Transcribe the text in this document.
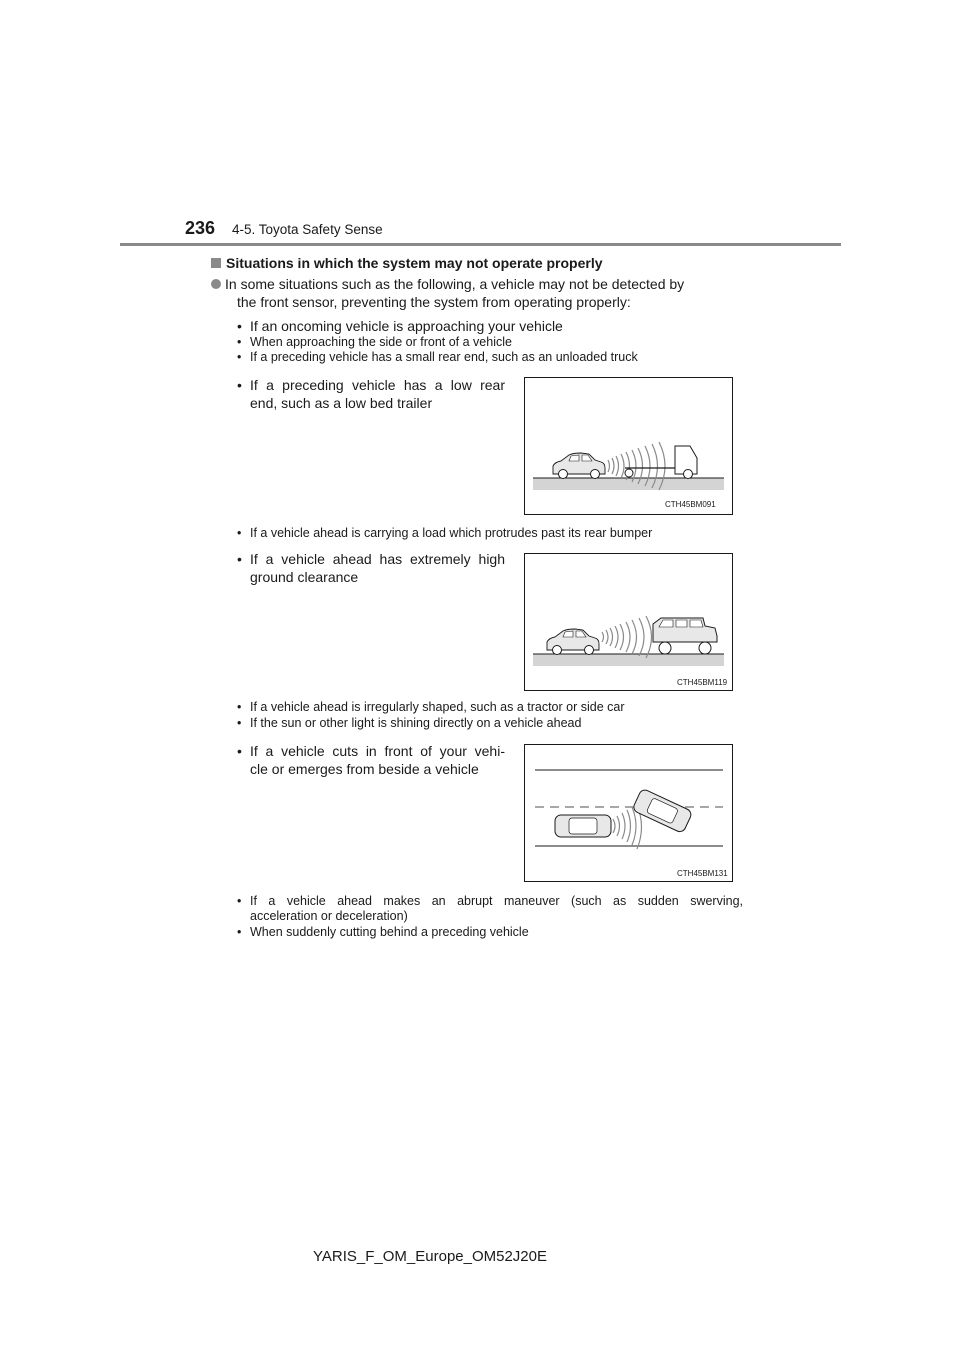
236 4-5. Toyota Safety Sense
Situations in which the system may not operate properly
In some situations such as the following, a vehicle may not be detected by
the front sensor, preventing the system from operating properly:
• If an oncoming vehicle is approaching your vehicle
• When approaching the side or front of a vehicle
• If a preceding vehicle has a small rear end, such as an unloaded truck
• If a preceding vehicle has a low rear
end, such as a low bed trailer
CTH45BM091
• If a vehicle ahead is carrying a load which protrudes past its rear bumper
• If a vehicle ahead has extremely high
ground clearance
CTH45BM119
• If a vehicle ahead is irregularly shaped, such as a tractor or side car
• If the sun or other light is shining directly on a vehicle ahead
• If a vehicle cuts in front of your vehi-
cle or emerges from beside a vehicle
CTH45BM131
• If a vehicle ahead makes an abrupt maneuver (such as sudden swerving,
acceleration or deceleration)
• When suddenly cutting behind a preceding vehicle
YARIS_F_OM_Europe_OM52J20E
